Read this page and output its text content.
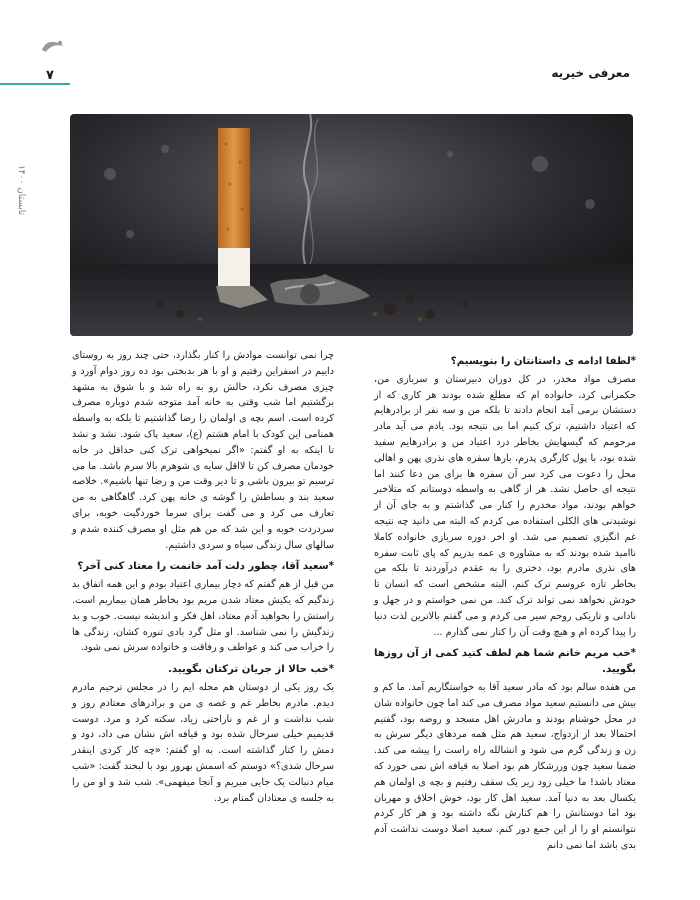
۷
تابستان ۱۴۰۰
معرفی خیریه
*لطفا ادامه ی داستانتان را بنویسیم؟

مصرف مواد مخدر، در کل دوران دبیرستان و سربازی من، حکمرانی کرد، خانواده ام که مطلع شده بودند هر کاری که از دستشان برمی آمد انجام دادند تا بلکه من و سه نفر از برادرهایم که اعتیاد داشتیم، ترک کنیم اما بی نتیجه بود. یادم می آید مادر مرحومم که گیسهایش بخاطر درد اعتیاد من و برادرهایم سفید شده بود، با پول کارگری پدرم، بارها سفره های نذری پهن و اهالی محل را دعوت می کرد سر آن سفره ها برای من دعا کنند اما نتیجه ای حاصل نشد. هر از گاهی به واسطه دوستانم که متلاخبر خواهم بودند، مواد مخدرم را کنار می گذاشتم و به جای آن از نوشیدنی های الکلی استفاده می کردم که البته می دانید چه نتیجه غم انگیزی تصمیم می شد. او اخر دوره سربازی خانواده کاملا ناامید شده بودند که به مشاوره ی عمه بدریم که پای ثابت سفره های نذری مادرم بود، دختری را به عقدم درآوردند تا بلکه من بخاطر تازه عروسم ترک کنم. البته مشخص است که انسان تا خودش نخواهد نمی تواند ترک کند. من نمی خواستم و در جهل و نادانی و تاریکی روحم سیر می کردم و می گفتم بالاترین لذت دنیا را پیدا کرده ام و هیچ وقت آن را کنار نمی گذارم ...

*خب مریم خانم شما هم لطف کنید کمی از آن روزها بگویید.

من هفده سالم بود که مادر سعید آقا به خواستگاریم آمد. ما کم و بیش می دانستیم سعید مواد مصرف می کند اما چون خانواده شان در محل خوشنام بودند و مادرش اهل مسجد و روضه بود، گفتیم احتمالا بعد از ازدواج، سعید هم مثل همه مردهای دیگر سرش به زن و زندگی گرم می شود و انشالله راه راست را پیشه می کند. ضمنا سعید چون ورزشکار هم بود اصلا به قیافه اش نمی خورد که معتاد باشد! ما خیلی زود زیر یک سقف رفتیم و بچه ی اولمان هم یکسال بعد به دنیا آمد. سعید اهل کار بود، خوش اخلاق و مهربان بود اما دوستانش را هم کنارش نگه داشته بود و هر کار کردم نتوانستم او را از این جمع دور کنم. سعید اصلا دوست نداشت آدم بدی باشد اما نمی دانم

چرا نمی توانست موادش را کنار بگذارد، حتی چند روز به روستای داییم در اسفراین رفتیم و او با هر بدبختی بود ده روز دوام آورد و چیزی مصرف نکرد، حالش رو به راه شد و با شوق به مشهد برگشتیم اما شب وقتی به خانه آمد متوجه شدم دوباره مصرف کرده است. اسم بچه ی اولمان را رضا گذاشتیم تا بلکه به واسطه همنامی این کودک با امام هشتم (ع)، سعید پاک شود. نشد و نشد تا اینکه به او گفتم: «اگر نمیخواهی ترک کنی حداقل در خانه خودمان مصرف کن تا لااقل سایه ی شوهرم بالا سرم باشد. ما می ترسیم تو بیرون باشی و تا دیر وقت من و رضا تنها باشیم». خلاصه سعید بند و بساطش را گوشه ی خانه پهن کرد. گاهگاهی به من تعارف می کرد و می گفت برای سرما خوردگیت خوبه، برای سردردت خوبه و این شد که من هم مثل او مصرف کننده شدم و سالهای سال زندگی سیاه و سردی داشتیم.

*سعید آقا، چطور دلت آمد خانمت را معتاد کنی آخر؟

من قبل از هم گفتم که دچار بیماری اعتیاد بودم و این همه اتفاق بد زندگیم که یکیش معتاد شدن مریم بود بخاطر همان بیماریم است. راستش را بخواهید آدم معتاد، اهل فکر و اندیشه نیست. خوب و بد زندگیش را نمی شناسد. او مثل گرد بادی تنوره کشان، زندگی ها را خراب می کند و عواطف و رفاقت و خانواده سرش نمی شود.

*خب حالا از جریان ترکتان بگویید.

یک روز یکی از دوستان هم محله ایم را در مجلس ترحیم مادرم دیدم. مادرم بخاطر غم و غصه ی من و برادرهای معتادم روز و شب نداشت و از غم و ناراحتی زیاد، سکته کرد و مرد. دوست قدیمیم خیلی سرحال شده بود و قیافه اش نشان می داد، دود و دمش را کنار گذاشته است. به او گفتم: «چه کار کردی اینقدر سرحال شدی؟» دوستم که اسمش بهروز بود با لبخند گفت: «شب میام دنبالت یک جایی میریم و آنجا میفهمی». شب شد و او من را به جلسه ی معتادان گمنام برد.
